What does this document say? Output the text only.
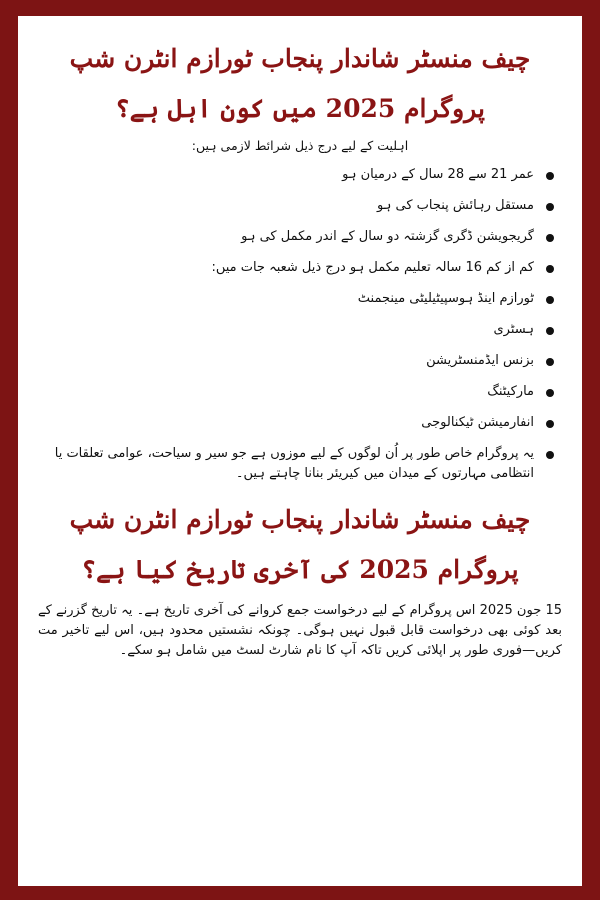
چیف منسٹر شاندار پنجاب ٹورازم انٹرن شپ
پروگرام 2025 میں کون اہل ہے؟

اہلیت کے لیے درج ذیل شرائط لازمی ہیں:

عمر 21 سے 28 سال کے درمیان ہو
مستقل رہائش پنجاب کی ہو
گریجویشن ڈگری گزشتہ دو سال کے اندر مکمل کی ہو
کم از کم 16 سالہ تعلیم مکمل ہو درج ذیل شعبہ جات میں:
ٹورازم اینڈ ہوسپیٹیلیٹی مینجمنٹ
ہسٹری
بزنس ایڈمنسٹریشن
مارکیٹنگ
انفارمیشن ٹیکنالوجی
یہ پروگرام خاص طور پر اُن لوگوں کے لیے موزوں ہے جو سیر و سیاحت، عوامی تعلقات یا انتظامی مہارتوں کے میدان میں کیریئر بنانا چاہتے ہیں۔
چیف منسٹر شاندار پنجاب ٹورازم انٹرن شپ
پروگرام 2025 کی آخری تاریخ کیا ہے؟

15 جون 2025 اس پروگرام کے لیے درخواست جمع کروانے کی آخری تاریخ ہے۔ یہ تاریخ گزرنے کے بعد کوئی بھی درخواست قابل قبول نہیں ہوگی۔ چونکہ نشستیں محدود ہیں، اس لیے تاخیر مت کریں—فوری طور پر اپلائی کریں تاکہ آپ کا نام شارٹ لسٹ میں شامل ہو سکے۔
